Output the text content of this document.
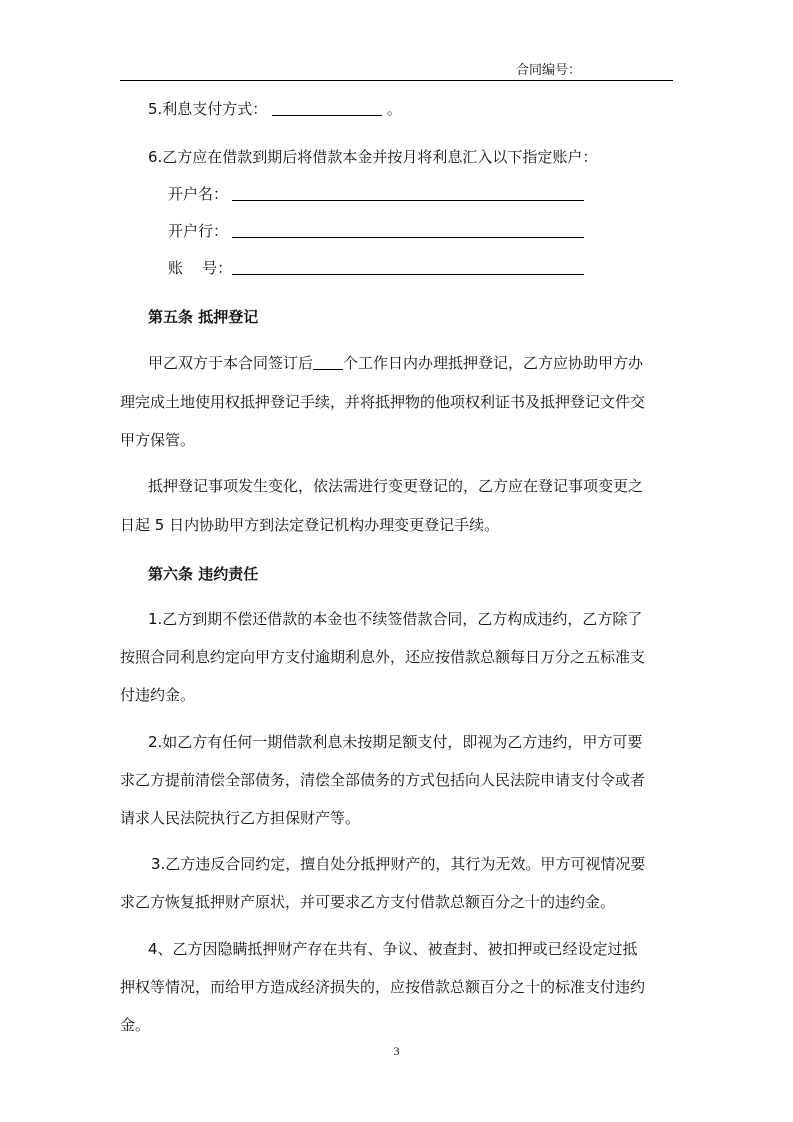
合同编号：
5.利息支付方式：	。
6.乙方应在借款到期后将借款本金并按月将利息汇入以下指定账户：
开户名：
开户行：
账    号：
第五条 抵押登记
甲乙双方于本合同签订后 个工作日内办理抵押登记，乙方应协助甲方办
理完成土地使用权抵押登记手续，并将抵押物的他项权利证书及抵押登记文件交
甲方保管。
抵押登记事项发生变化，依法需进行变更登记的，乙方应在登记事项变更之
日起 5 日内协助甲方到法定登记机构办理变更登记手续。
第六条 违约责任
1.乙方到期不偿还借款的本金也不续签借款合同，乙方构成违约，乙方除了
按照合同利息约定向甲方支付逾期利息外，还应按借款总额每日万分之五标准支
付违约金。
2.如乙方有任何一期借款利息未按期足额支付，即视为乙方违约，甲方可要
求乙方提前清偿全部债务，清偿全部债务的方式包括向人民法院申请支付令或者
请求人民法院执行乙方担保财产等。
3.乙方违反合同约定，擅自处分抵押财产的，其行为无效。甲方可视情况要
求乙方恢复抵押财产原状，并可要求乙方支付借款总额百分之十的违约金。
4、乙方因隐瞒抵押财产存在共有、争议、被查封、被扣押或已经设定过抵
押权等情况，而给甲方造成经济损失的，应按借款总额百分之十的标准支付违约
金。
3
